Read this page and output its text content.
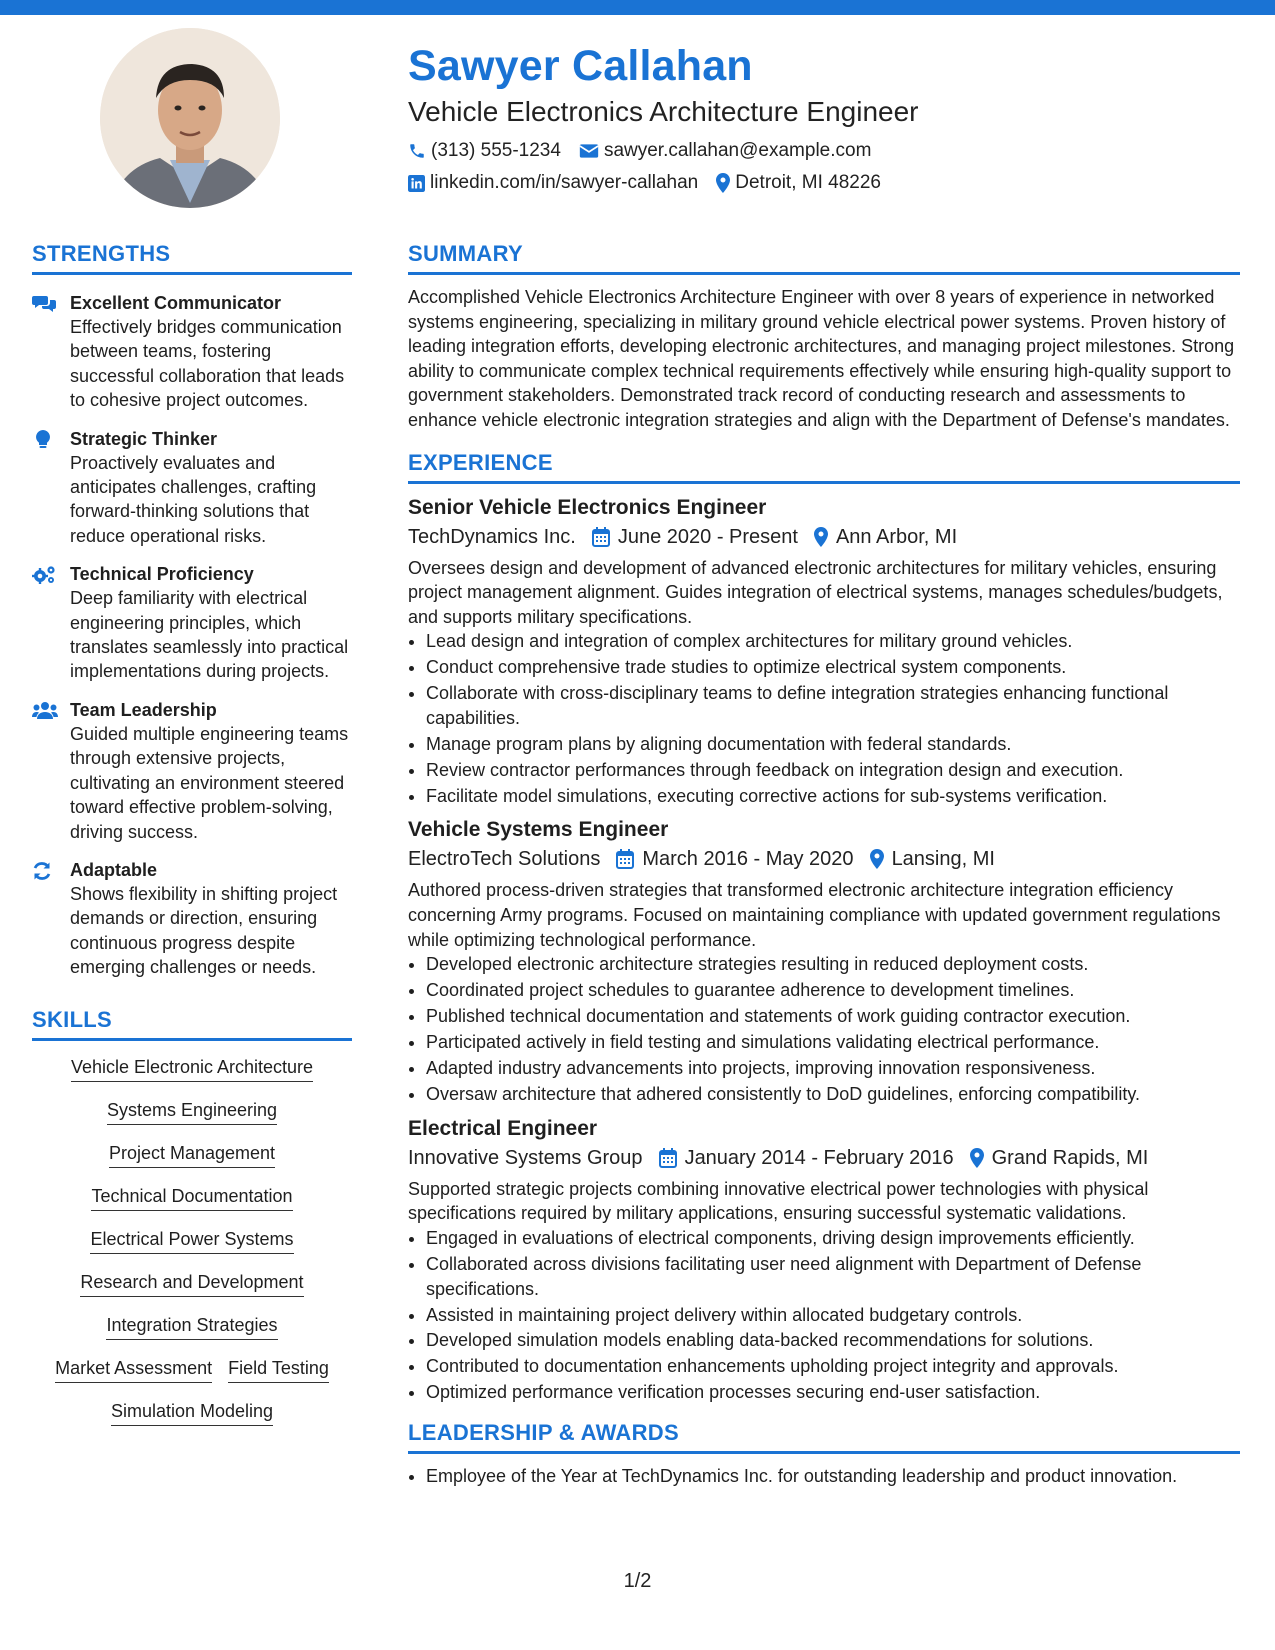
Sawyer Callahan
Vehicle Electronics Architecture Engineer
(313) 555-1234 sawyer.callahan@example.com
linkedin.com/in/sawyer-callahan Detroit, MI 48226
STRENGTHS
Excellent Communicator
Effectively bridges communication between teams, fostering successful collaboration that leads to cohesive project outcomes.
Strategic Thinker
Proactively evaluates and anticipates challenges, crafting forward-thinking solutions that reduce operational risks.
Technical Proficiency
Deep familiarity with electrical engineering principles, which translates seamlessly into practical implementations during projects.
Team Leadership
Guided multiple engineering teams through extensive projects, cultivating an environment steered toward effective problem-solving, driving success.
Adaptable
Shows flexibility in shifting project demands or direction, ensuring continuous progress despite emerging challenges or needs.
SKILLS
Vehicle Electronic Architecture
Systems Engineering
Project Management
Technical Documentation
Electrical Power Systems
Research and Development
Integration Strategies
Market Assessment Field Testing
Simulation Modeling
SUMMARY
Accomplished Vehicle Electronics Architecture Engineer with over 8 years of experience in networked systems engineering, specializing in military ground vehicle electrical power systems. Proven history of leading integration efforts, developing electronic architectures, and managing project milestones. Strong ability to communicate complex technical requirements effectively while ensuring high-quality support to government stakeholders. Demonstrated track record of conducting research and assessments to enhance vehicle electronic integration strategies and align with the Department of Defense's mandates.
EXPERIENCE
Senior Vehicle Electronics Engineer
TechDynamics Inc. June 2020 - Present Ann Arbor, MI
Oversees design and development of advanced electronic architectures for military vehicles, ensuring project management alignment. Guides integration of electrical systems, manages schedules/budgets, and supports military specifications.
• Lead design and integration of complex architectures for military ground vehicles.
• Conduct comprehensive trade studies to optimize electrical system components.
• Collaborate with cross-disciplinary teams to define integration strategies enhancing functional capabilities.
• Manage program plans by aligning documentation with federal standards.
• Review contractor performances through feedback on integration design and execution.
• Facilitate model simulations, executing corrective actions for sub-systems verification.
Vehicle Systems Engineer
ElectroTech Solutions March 2016 - May 2020 Lansing, MI
Authored process-driven strategies that transformed electronic architecture integration efficiency concerning Army programs. Focused on maintaining compliance with updated government regulations while optimizing technological performance.
• Developed electronic architecture strategies resulting in reduced deployment costs.
• Coordinated project schedules to guarantee adherence to development timelines.
• Published technical documentation and statements of work guiding contractor execution.
• Participated actively in field testing and simulations validating electrical performance.
• Adapted industry advancements into projects, improving innovation responsiveness.
• Oversaw architecture that adhered consistently to DoD guidelines, enforcing compatibility.
Electrical Engineer
Innovative Systems Group January 2014 - February 2016 Grand Rapids, MI
Supported strategic projects combining innovative electrical power technologies with physical specifications required by military applications, ensuring successful systematic validations.
• Engaged in evaluations of electrical components, driving design improvements efficiently.
• Collaborated across divisions facilitating user need alignment with Department of Defense specifications.
• Assisted in maintaining project delivery within allocated budgetary controls.
• Developed simulation models enabling data-backed recommendations for solutions.
• Contributed to documentation enhancements upholding project integrity and approvals.
• Optimized performance verification processes securing end-user satisfaction.
LEADERSHIP & AWARDS
• Employee of the Year at TechDynamics Inc. for outstanding leadership and product innovation.
1/2
